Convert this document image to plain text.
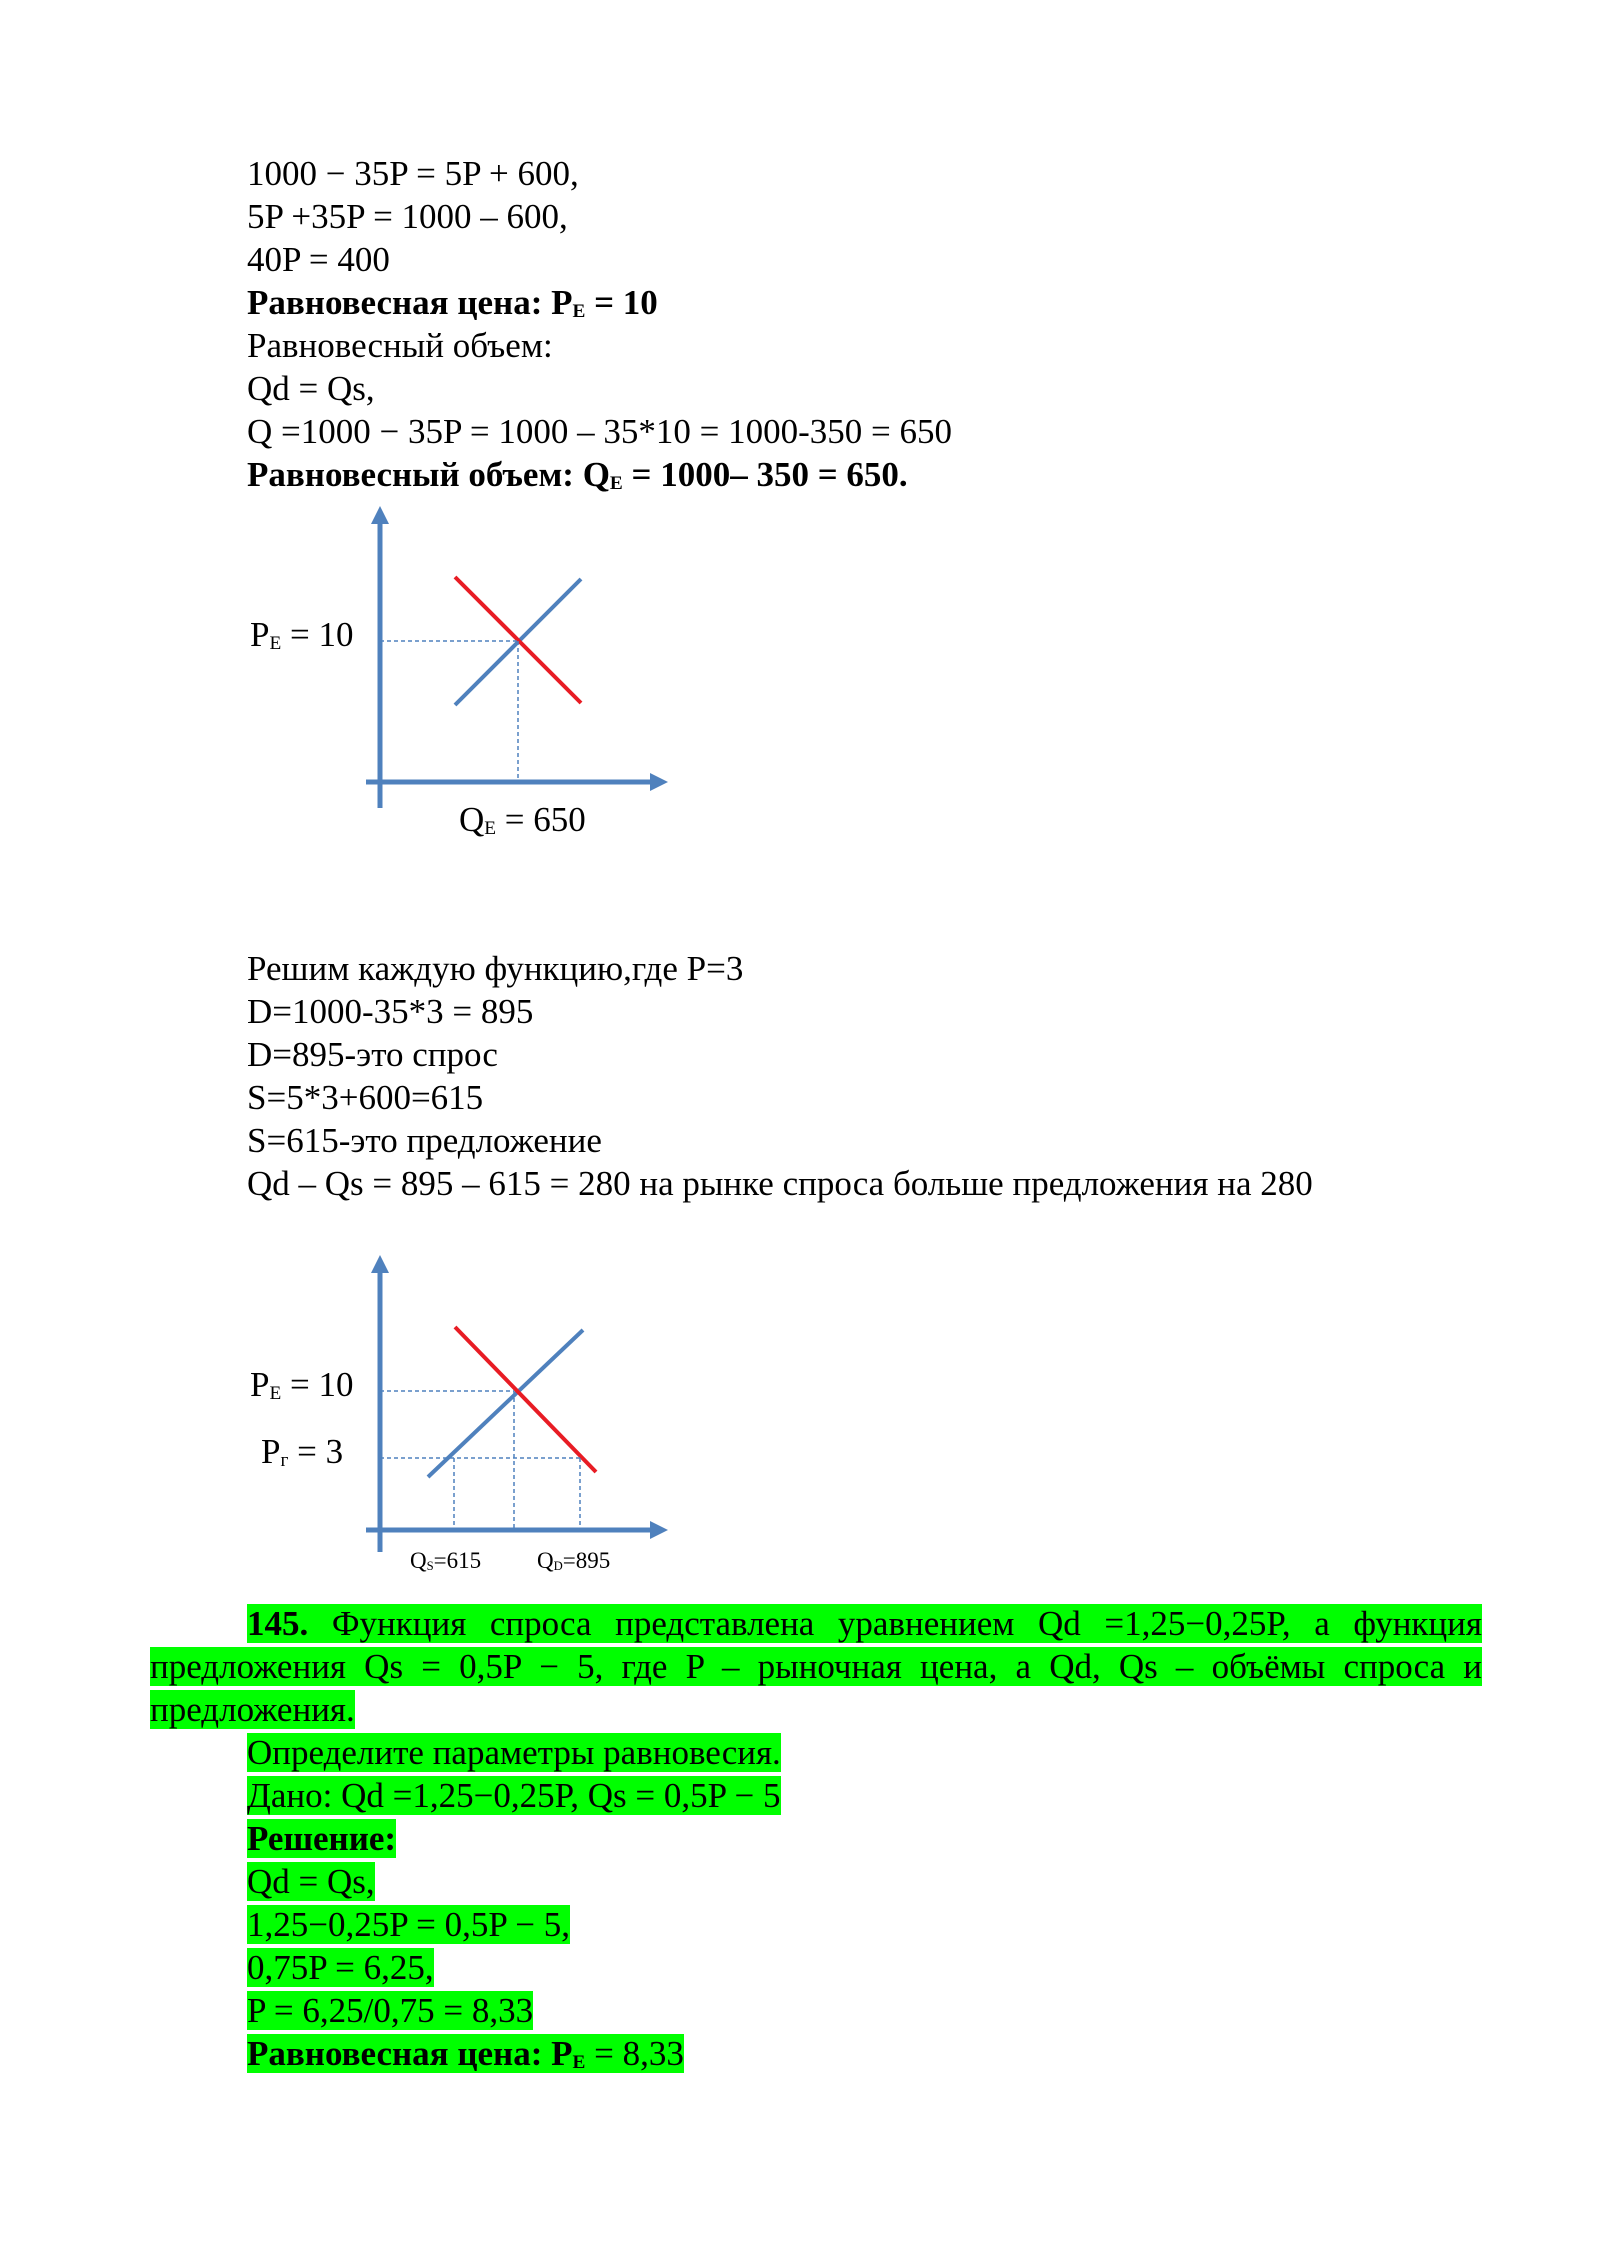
1000 − 35P = 5P + 600,
5P +35P = 1000 – 600,
40P = 400
Равновесная цена: $P_E = 10$
Равновесный объем:
Qd = Qs,
Q =1000 − 35P = 1000 – 35*10 = 1000-350 = 650
Равновесный объем: $Q_E = 1000-$ 350 = 650.
$P_E = 10$
$Q_E = 650$
Решим каждую функцию,где P=3
D=1000-35*3 = 895
D=895-это спрос
S=5*3+600=615
S=615-это предложение
Qd – Qs = 895 – 615 = 280 на рынке спроса больше предложения на 280
$P_E = 10$
$P_г = 3$
$Q_S=615$ $Q_D=895$
145. Функция спроса представлена уравнением Qd =1,25−0,25P, а функция предложения Qs = 0,5P − 5, где P – рыночная цена, а Qd, Qs – объёмы спроса и предложения.
Определите параметры равновесия.
Дано: Qd =1,25−0,25P, Qs = 0,5P − 5
Решение:
Qd = Qs,
1,25−0,25P = 0,5P − 5,
0,75P = 6,25,
P = 6,25/0,75 = 8,33
Равновесная цена: $P_E = 8,33$
